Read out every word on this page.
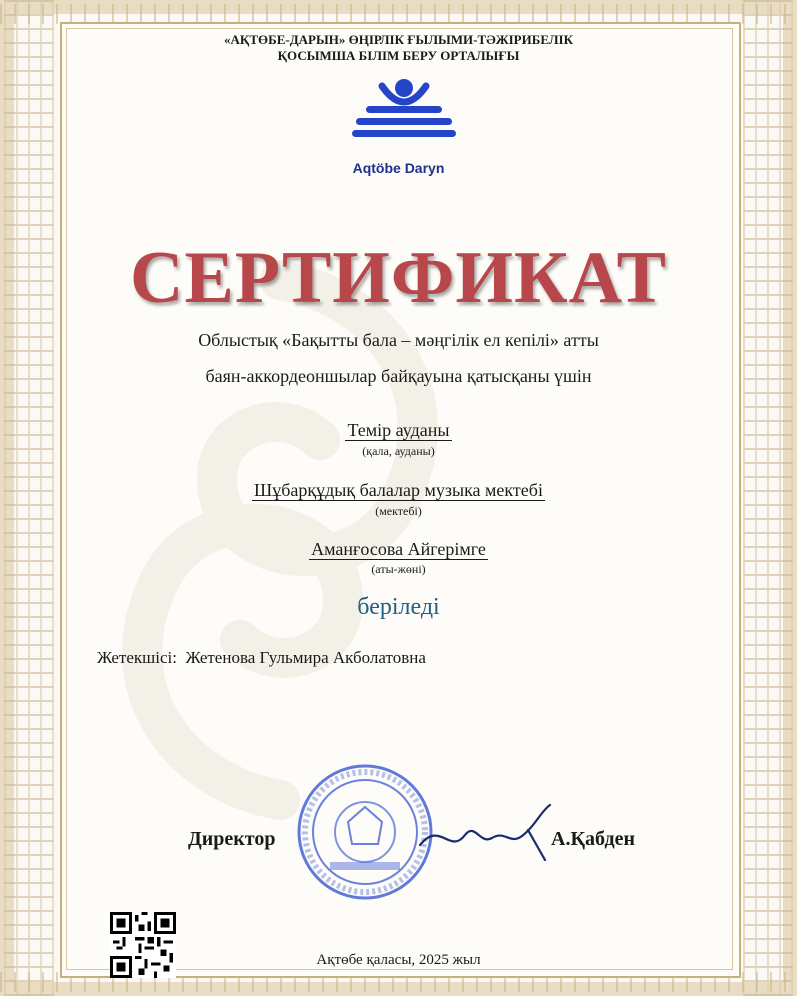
«АҚТӨБЕ-ДАРЫН» ӨҢІРЛІК ҒЫЛЫМИ-ТӘЖІРИБЕЛІК
ҚОСЫМША БІЛІМ БЕРУ ОРТАЛЫҒЫ
Aqtöbe Daryn
СЕРТИФИКАТ
Облыстық «Бақытты бала – мәңгілік ел кепілі» атты
баян-аккордеоншылар байқауына қатысқаны үшін
Темір ауданы
(қала, ауданы)
Шұбарқұдық балалар музыка мектебі
(мектебі)
Аманғосова Айгерімге
(аты-жөні)
беріледі
Жетекшісі: Жетенова Гульмира Акболатовна
Директор	А.Қабден
Ақтөбе қаласы, 2025 жыл
